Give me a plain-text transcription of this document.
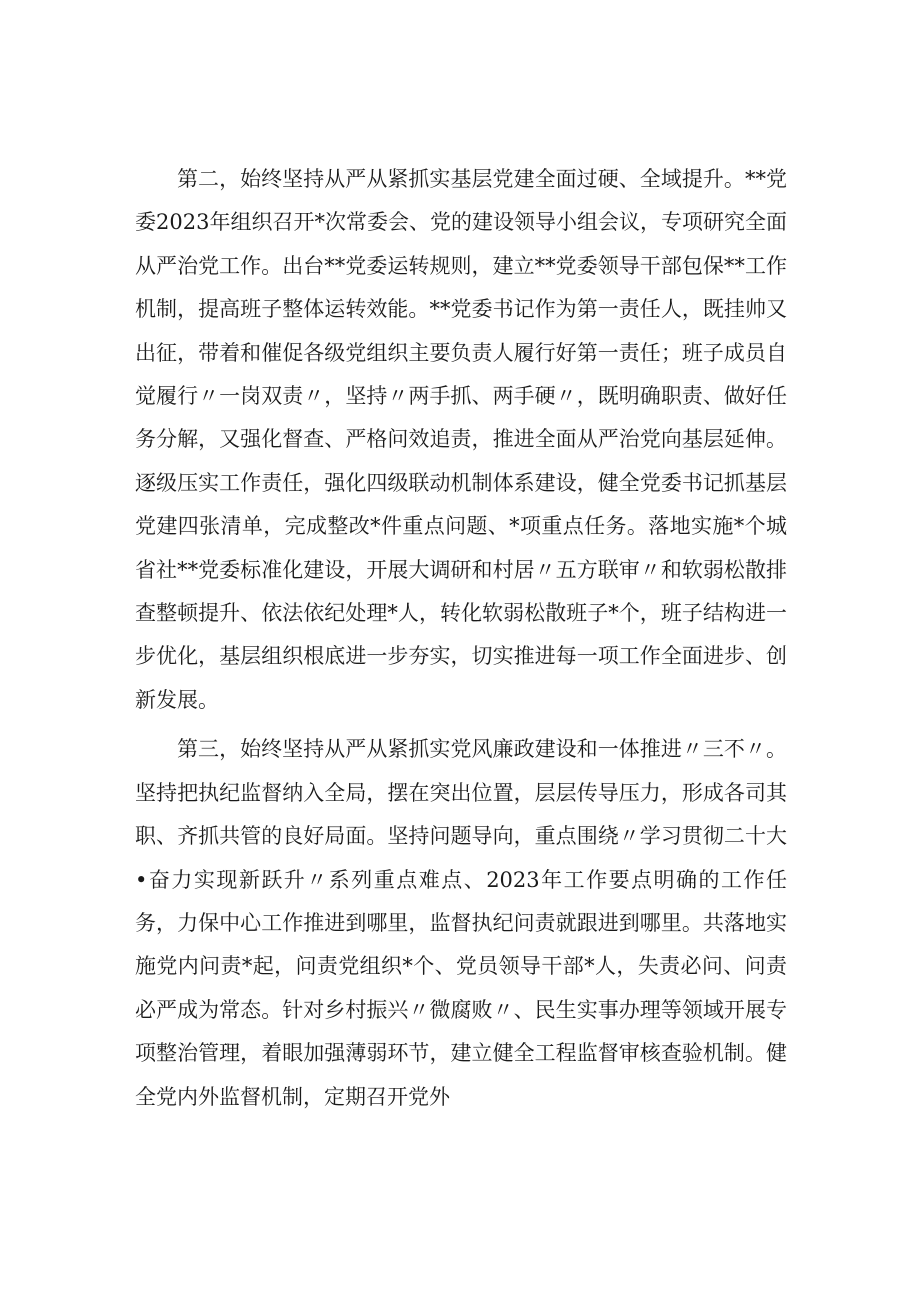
第二，始终坚持从严从紧抓实基层党建全面过硬、全域提升。**党委2023年组织召开*次常委会、党的建设领导小组会议，专项研究全面从严治党工作。出台**党委运转规则，建立**党委领导干部包保**工作机制，提高班子整体运转效能。**党委书记作为第一责任人，既挂帅又出征，带着和催促各级党组织主要负责人履行好第一责任；班子成员自觉履行〃一岗双责〃，坚持〃两手抓、两手硬〃，既明确职责、做好任务分解，又强化督查、严格问效追责，推进全面从严治党向基层延伸。逐级压实工作责任，强化四级联动机制体系建设，健全党委书记抓基层党建四张清单，完成整改*件重点问题、*项重点任务。落地实施*个城省社**党委标准化建设，开展大调研和村居〃五方联审〃和软弱松散排查整顿提升、依法依纪处理*人，转化软弱松散班子*个，班子结构进一步优化，基层组织根底进一步夯实，切实推进每一项工作全面进步、创新发展。

第三，始终坚持从严从紧抓实党风廉政建设和一体推进〃三不〃。坚持把执纪监督纳入全局，摆在突出位置，层层传导压力，形成各司其职、齐抓共管的良好局面。坚持问题导向，重点围绕〃学习贯彻二十大•奋力实现新跃升〃系列重点难点、2023年工作要点明确的工作任务，力保中心工作推进到哪里，监督执纪问责就跟进到哪里。共落地实施党内问责*起，问责党组织*个、党员领导干部*人，失责必问、问责必严成为常态。针对乡村振兴〃微腐败〃、民生实事办理等领域开展专项整治管理，着眼加强薄弱环节，建立健全工程监督审核查验机制。健全党内外监督机制，定期召开党外
